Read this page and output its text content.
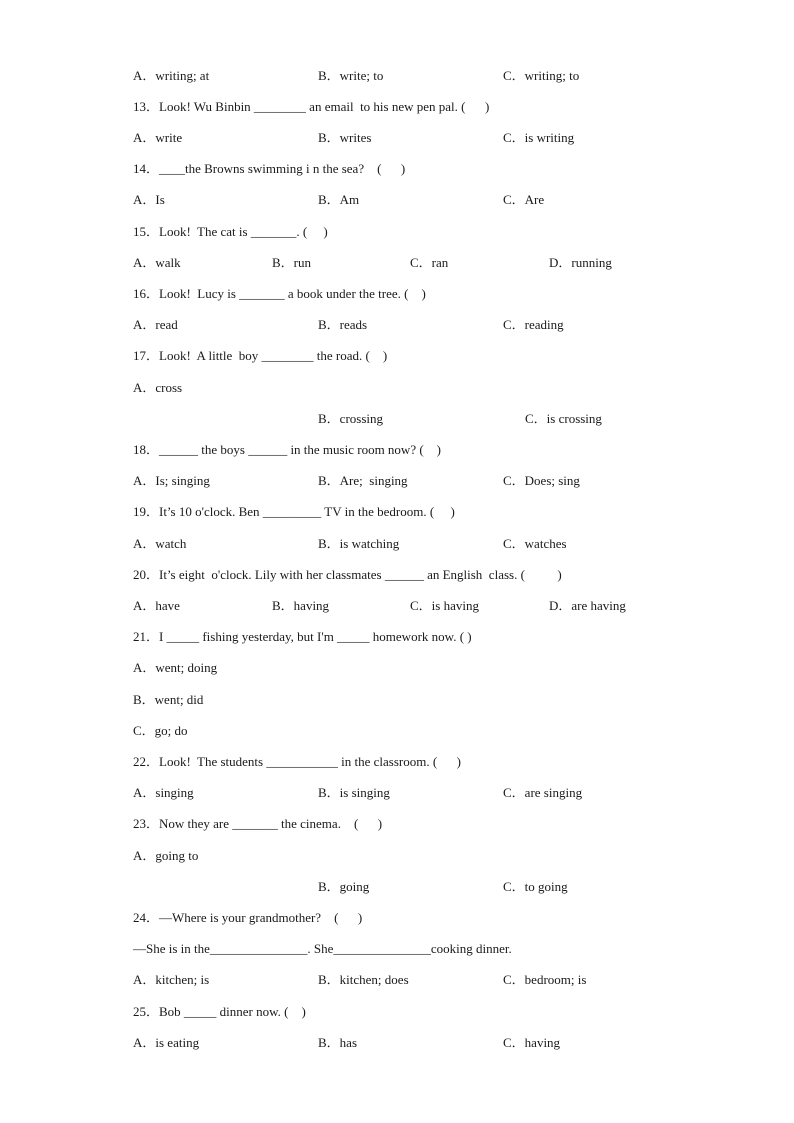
A．writing; at	B．write; to	C．writing; to
13．Look! Wu Binbin ________ an email  to his new pen pal. (      )
A．write	B．writes	C．is writing
14．____the Browns swimming i n the sea?    (      )
A．Is	B．Am	C．Are
15．Look!  The cat is _______. (     )
A．walk	B．run	C．ran	D．running
16．Look!  Lucy is _______ a book under the tree. (    )
A．read	B．reads	C．reading
17．Look!  A little  boy ________ the road. (    )
A．cross
B．crossing	C．is crossing
18．______ the boys ______ in the music room now? (    )
A．Is; singing	B．Are;  singing	C．Does; sing
19．It’s 10 o'clock. Ben _________ TV in the bedroom. (     )
A．watch	B．is watching	C．watches
20．It’s eight  o'clock. Lily with her classmates ______ an English  class. (          )
A．have	B．having	C．is having	D．are having
21．I _____ fishing yesterday, but I'm _____ homework now. ( )
A．went; doing
B．went; did
C．go; do
22．Look!  The students ___________ in the classroom. (      )
A．singing	B．is singing	C．are singing
23．Now they are _______ the cinema.    (      )
A．going to
B．going	C．to going
24．—Where is your grandmother?    (      )
—She is in the_______________. She_______________cooking dinner.
A．kitchen; is	B．kitchen; does	C．bedroom; is
25．Bob _____ dinner now. (    )
A．is eating	B．has	C．having
